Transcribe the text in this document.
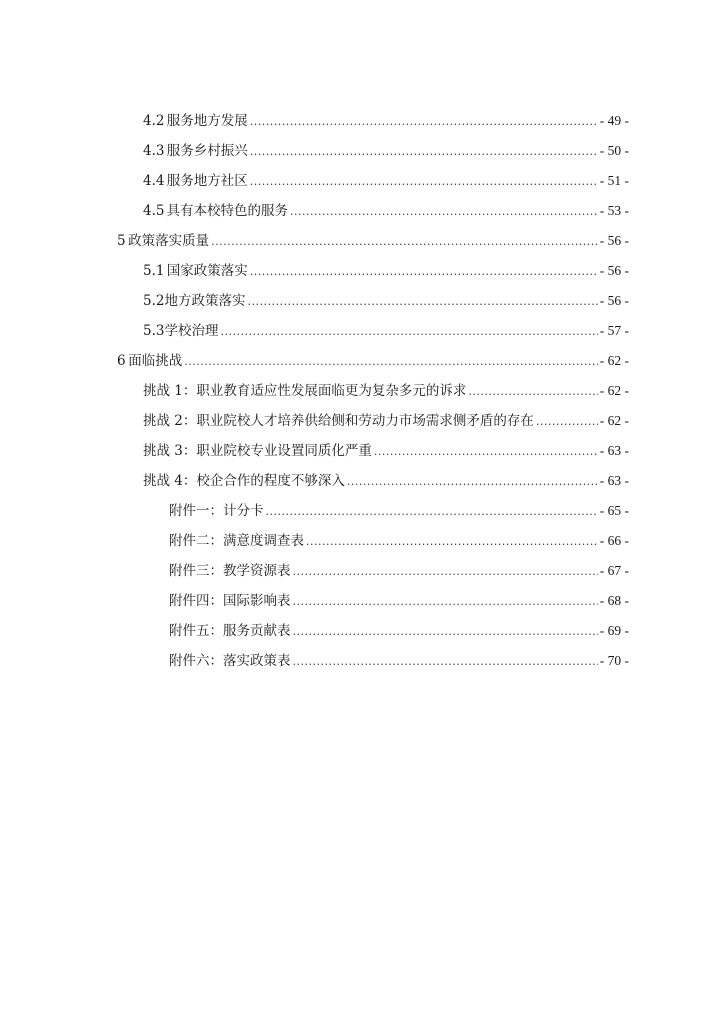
4.2 服务地方发展 .....	- 49 -
4.3 服务乡村振兴 .....	- 50 -
4.4 服务地方社区 .....	- 51 -
4.5 具有本校特色的服务 .....	- 53 -
5 政策落实质量 .....	- 56 -
5.1 国家政策落实 .....	- 56 -
5.2 地方政策落实 .....	- 56 -
5.3 学校治理 .....	- 57 -
6 面临挑战 .....	- 62 -
挑战 1： 职业教育适应性发展面临更为复杂多元的诉求 .....	- 62 -
挑战 2： 职业院校人才培养供给侧和劳动力市场需求侧矛盾的存在 .....	- 62 -
挑战 3： 职业院校专业设置同质化严重 .....	- 63 -
挑战 4： 校企合作的程度不够深入 .....	- 63 -
附件一： 计分卡 .....	- 65 -
附件二： 满意度调查表 .....	- 66 -
附件三： 教学资源表 .....	- 67 -
附件四： 国际影响表 .....	- 68 -
附件五： 服务贡献表 .....	- 69 -
附件六： 落实政策表 .....	- 70 -
